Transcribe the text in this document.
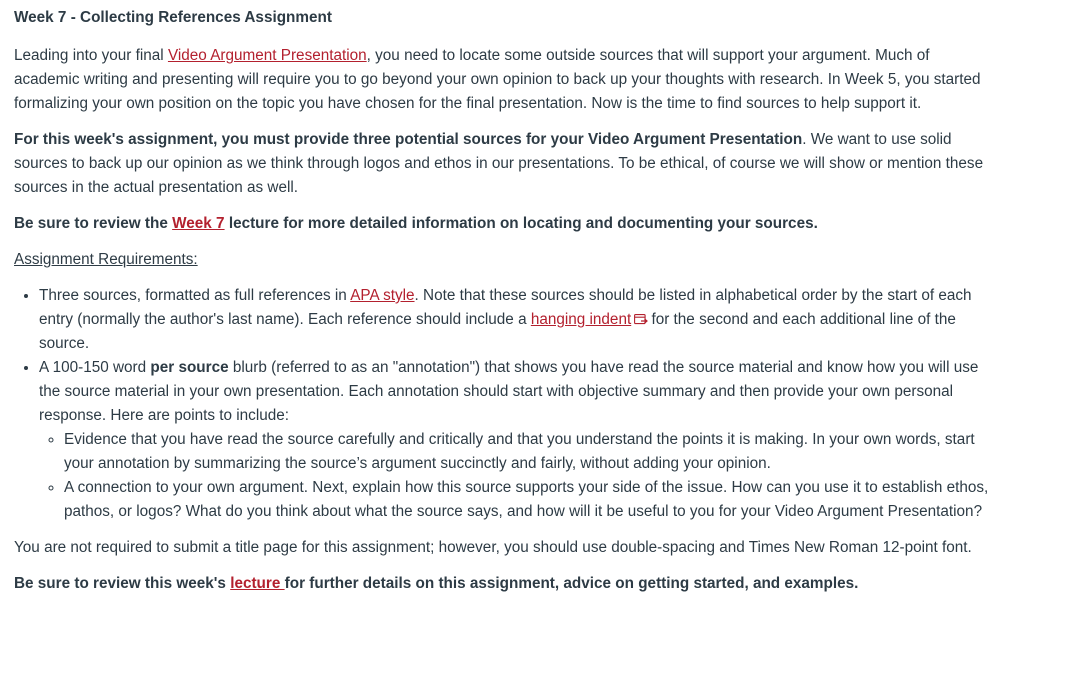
Week 7 - Collecting References Assignment

Leading into your final Video Argument Presentation, you need to locate some outside sources that will support your argument. Much of academic writing and presenting will require you to go beyond your own opinion to back up your thoughts with research. In Week 5, you started formalizing your own position on the topic you have chosen for the final presentation. Now is the time to find sources to help support it.

For this week's assignment, you must provide three potential sources for your Video Argument Presentation. We want to use solid sources to back up our opinion as we think through logos and ethos in our presentations. To be ethical, of course we will show or mention these sources in the actual presentation as well.

Be sure to review the Week 7 lecture for more detailed information on locating and documenting your sources.

Assignment Requirements:

• Three sources, formatted as full references in APA style. Note that these sources should be listed in alphabetical order by the start of each entry (normally the author's last name). Each reference should include a hanging indent for the second and each additional line of the source.
• A 100-150 word per source blurb (referred to as an "annotation") that shows you have read the source material and know how you will use the source material in your own presentation. Each annotation should start with objective summary and then provide your own personal response. Here are points to include:
◦ Evidence that you have read the source carefully and critically and that you understand the points it is making. In your own words, start your annotation by summarizing the source’s argument succinctly and fairly, without adding your opinion.
◦ A connection to your own argument. Next, explain how this source supports your side of the issue. How can you use it to establish ethos, pathos, or logos? What do you think about what the source says, and how will it be useful to you for your Video Argument Presentation?

You are not required to submit a title page for this assignment; however, you should use double-spacing and Times New Roman 12-point font.

Be sure to review this week's lecture for further details on this assignment, advice on getting started, and examples.
